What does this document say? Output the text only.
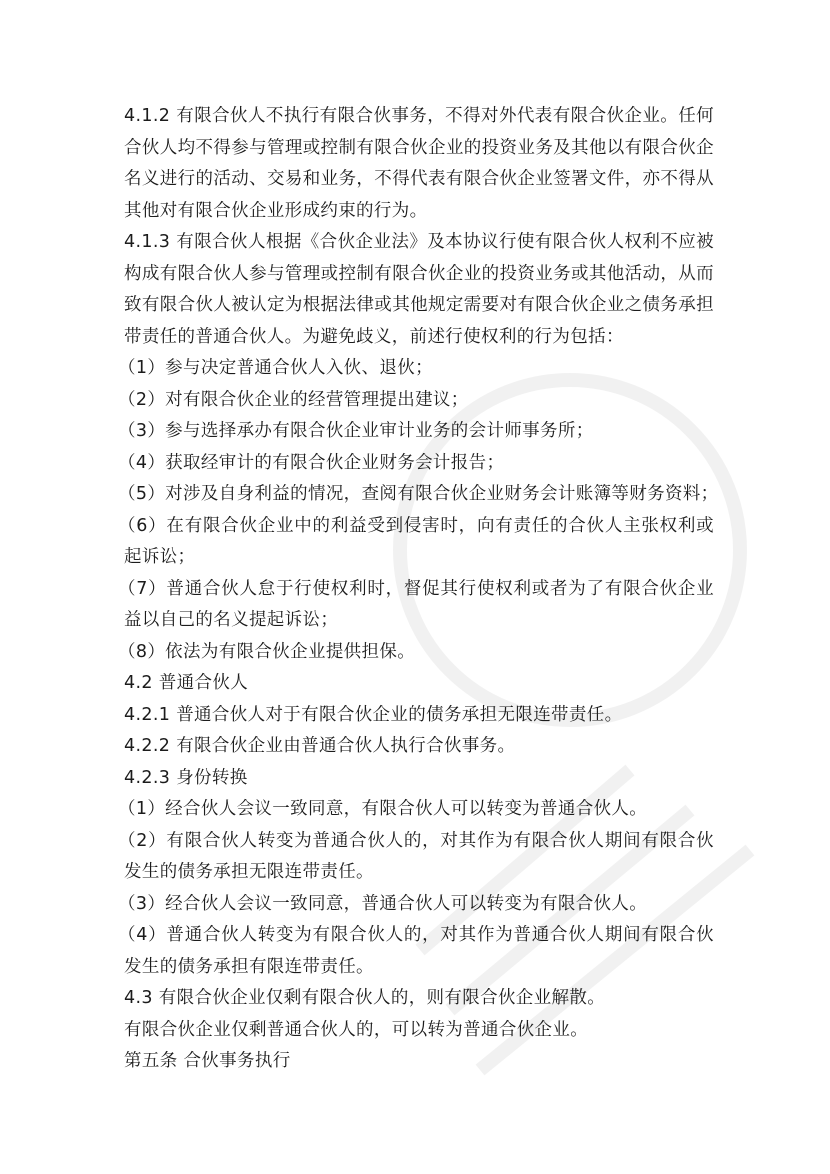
4.1.2 有限合伙人不执行有限合伙事务，不得对外代表有限合伙企业。任何
合伙人均不得参与管理或控制有限合伙企业的投资业务及其他以有限合伙企
名义进行的活动、交易和业务，不得代表有限合伙企业签署文件，亦不得从
其他对有限合伙企业形成约束的行为。
4.1.3 有限合伙人根据《合伙企业法》及本协议行使有限合伙人权利不应被
构成有限合伙人参与管理或控制有限合伙企业的投资业务或其他活动，从而
致有限合伙人被认定为根据法律或其他规定需要对有限合伙企业之债务承担
带责任的普通合伙人。为避免歧义，前述行使权利的行为包括：
（1）参与决定普通合伙人入伙、退伙；
（2）对有限合伙企业的经营管理提出建议；
（3）参与选择承办有限合伙企业审计业务的会计师事务所；
（4）获取经审计的有限合伙企业财务会计报告；
（5）对涉及自身利益的情况，查阅有限合伙企业财务会计账簿等财务资料；
（6）在有限合伙企业中的利益受到侵害时，向有责任的合伙人主张权利或
起诉讼；
（7）普通合伙人怠于行使权利时，督促其行使权利或者为了有限合伙企业
益以自己的名义提起诉讼；
（8）依法为有限合伙企业提供担保。
4.2 普通合伙人
4.2.1 普通合伙人对于有限合伙企业的债务承担无限连带责任。
4.2.2 有限合伙企业由普通合伙人执行合伙事务。
4.2.3 身份转换
（1）经合伙人会议一致同意，有限合伙人可以转变为普通合伙人。
（2）有限合伙人转变为普通合伙人的，对其作为有限合伙人期间有限合伙
发生的债务承担无限连带责任。
（3）经合伙人会议一致同意，普通合伙人可以转变为有限合伙人。
（4）普通合伙人转变为有限合伙人的，对其作为普通合伙人期间有限合伙
发生的债务承担有限连带责任。
4.3 有限合伙企业仅剩有限合伙人的，则有限合伙企业解散。
有限合伙企业仅剩普通合伙人的，可以转为普通合伙企业。
第五条 合伙事务执行
